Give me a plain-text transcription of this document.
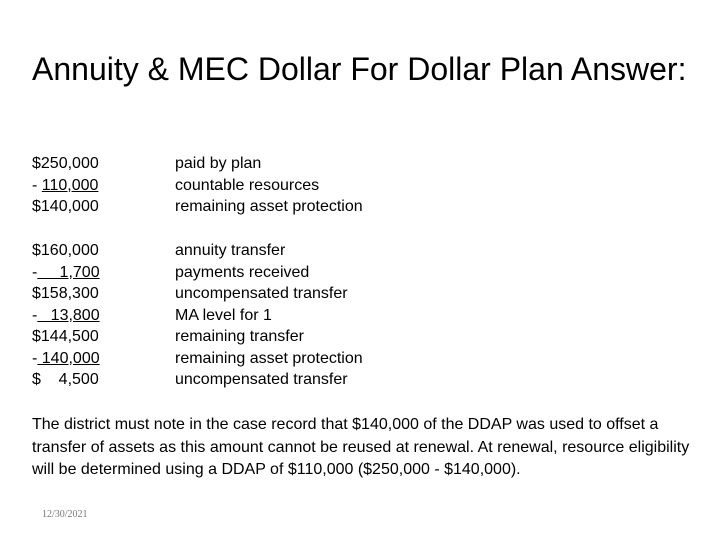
Annuity & MEC Dollar For Dollar Plan Answer:
$250,000	paid by plan
- 110,000	countable resources
$140,000	remaining asset protection
$160,000	annuity transfer
-     1,700	payments received
$158,300	uncompensated transfer
-   13,800	MA level for 1
$144,500	remaining transfer
- 140,000	remaining asset protection
$    4,500	uncompensated transfer

The district must note in the case record that $140,000 of the DDAP was used to offset a transfer of assets as this amount cannot be reused at renewal. At renewal, resource eligibility will be determined using a DDAP of $110,000 ($250,000 - $140,000).

12/30/2021
